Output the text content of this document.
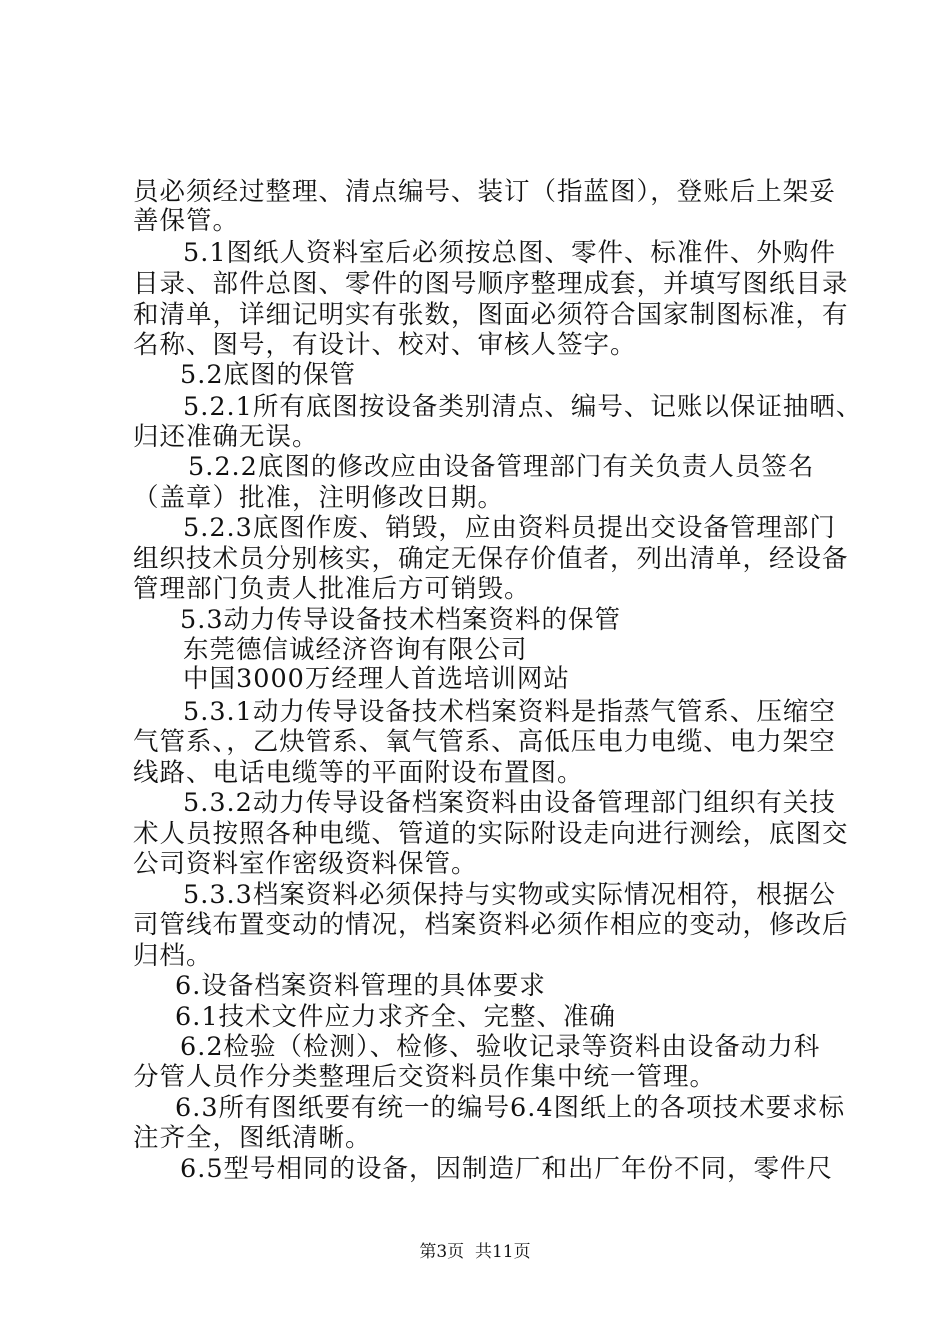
员必须经过整理、清点编号、装订（指蓝图），登账后上架妥
善保管。
5.1图纸人资料室后必须按总图、零件、标准件、外购件
目录、部件总图、零件的图号顺序整理成套，并填写图纸目录
和清单，详细记明实有张数，图面必须符合国家制图标准，有
名称、图号，有设计、校对、审核人签字。
5.2底图的保管
5.2.1所有底图按设备类别清点、编号、记账以保证抽晒、
归还准确无误。
5.2.2底图的修改应由设备管理部门有关负责人员签名
（盖章）批准，注明修改日期。
5.2.3底图作废、销毁，应由资料员提出交设备管理部门
组织技术员分别核实，确定无保存价值者，列出清单，经设备
管理部门负责人批准后方可销毁。
5.3动力传导设备技术档案资料的保管
东莞德信诚经济咨询有限公司
中国3000万经理人首选培训网站
5.3.1动力传导设备技术档案资料是指蒸气管系、压缩空
气管系、，乙炔管系、氧气管系、高低压电力电缆、电力架空
线路、电话电缆等的平面附设布置图。
5.3.2动力传导设备档案资料由设备管理部门组织有关技
术人员按照各种电缆、管道的实际附设走向进行测绘，底图交
公司资料室作密级资料保管。
5.3.3档案资料必须保持与实物或实际情况相符，根据公
司管线布置变动的情况，档案资料必须作相应的变动，修改后
归档。
6.设备档案资料管理的具体要求
6.1技术文件应力求齐全、完整、准确
6.2检验（检测）、检修、验收记录等资料由设备动力科
分管人员作分类整理后交资料员作集中统一管理。
6.3所有图纸要有统一的编号6.4图纸上的各项技术要求标
注齐全，图纸清晰。
6.5型号相同的设备，因制造厂和出厂年份不同，零件尺
第3页  共11页
